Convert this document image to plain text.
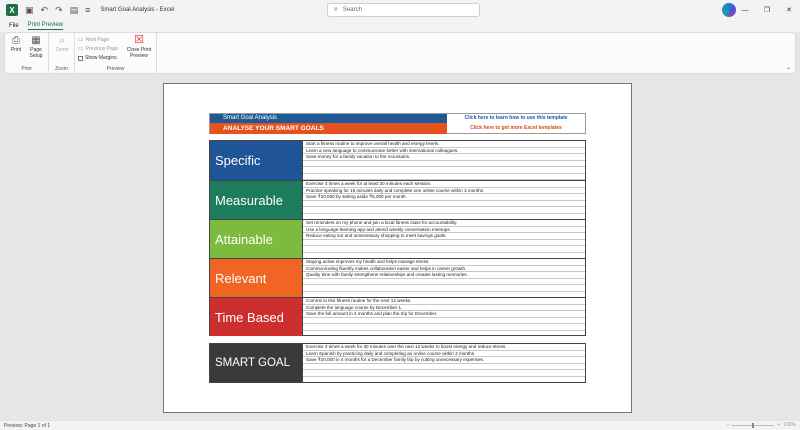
X	▣ ↶ ↷ ▤ ≡ Smart Goal Analysis - Excel	⌕ Search	—	❐	✕
File	Print Preview
⎙
Print
▦
Page Setup
Print
⌕
Zoom
Zoom
▭ Next Page
▭ Previous Page
Show Margins
☒
Close Print Preview
Preview	⌄
Smart Goal Analysis
ANALYSE YOUR SMART GOALS
Click here to learn how to use this template
Click here to get more Excel templates
Specific
Start a fitness routine to improve overall health and energy levels.
Learn a new language to communicate better with international colleagues.
Save money for a family vacation to the mountains.
Measurable
Exercise 3 times a week for at least 30 minutes each session.
Practice speaking for 15 minutes daily and complete one online course within 3 months.
Save ₹20,000 by setting aside ₹5,000 per month.
Attainable
Set reminders on my phone and join a local fitness class for accountability.
Use a language-learning app and attend weekly conversation meetups.
Reduce eating out and unnecessary shopping to meet savings goals.
Relevant
Staying active improves my health and helps manage stress.
Communicating fluently makes collaboration easier and helps in career growth.
Quality time with family strengthens relationships and creates lasting memories.
Time Based
Commit to this fitness routine for the next 12 weeks.
Complete the language course by December 1.
Save the full amount in 4 months and plan the trip for December.
SMART GOAL
Exercise 3 times a week for 30 minutes over the next 12 weeks to boost energy and reduce stress.
Learn Spanish by practicing daily and completing an online course within 3 months.
Save ₹20,000 in 4 months for a December family trip by cutting unnecessary expenses.
Preview: Page 1 of 1	−	+ 100%
